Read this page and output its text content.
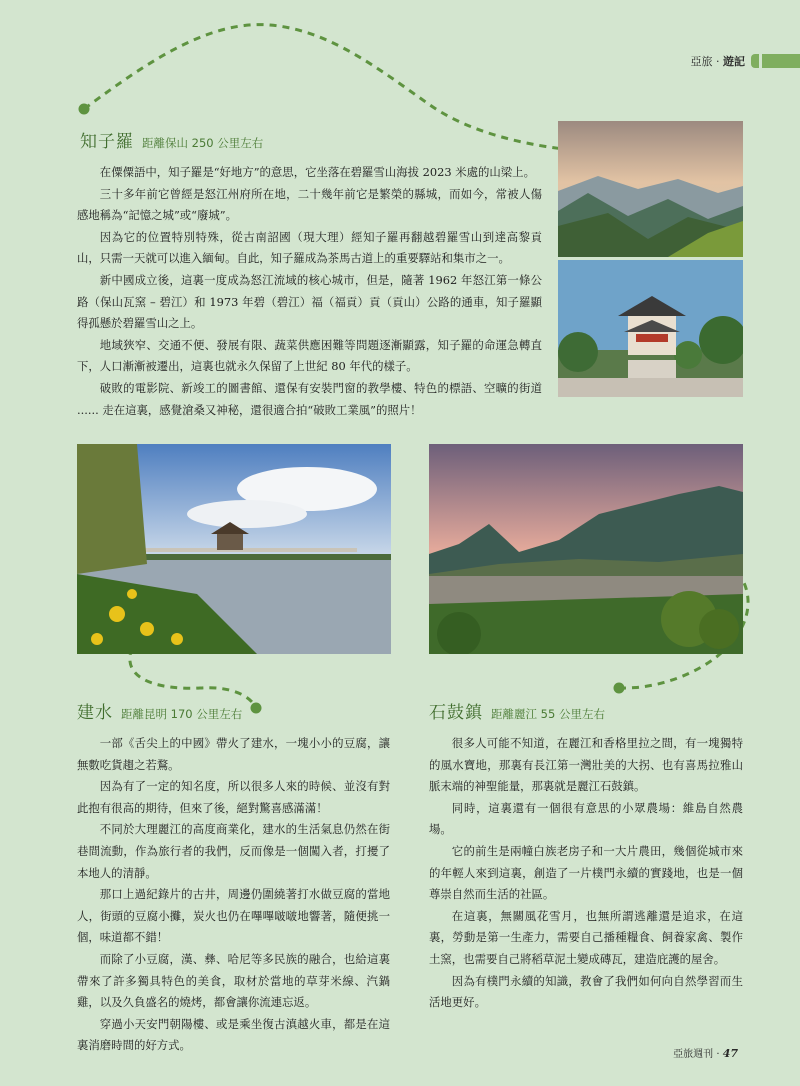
亞旅 · 遊記
知子羅 距離保山 250 公里左右

在僳僳語中，知子羅是“好地方”的意思，它坐落在碧羅雪山海拔 2023 米處的山梁上。

三十多年前它曾經是怒江州府所在地，二十幾年前它是繁榮的縣城，而如今，常被人傷感地稱為“記憶之城”或“廢城”。

因為它的位置特別特殊，從古南詔國（現大理）經知子羅再翻越碧羅雪山到達高黎貢山，只需一天就可以進入緬甸。自此，知子羅成為茶馬古道上的重要驛站和集市之一。

新中國成立後，這裏一度成為怒江流域的核心城市，但是，隨著 1962 年怒江第一條公路（保山瓦窯 – 碧江）和 1973 年碧（碧江）福（福貢）貢（貢山）公路的通車，知子羅顯得孤懸於碧羅雪山之上。

地域狹窄、交通不便、發展有限、蔬菜供應困難等問題逐漸顯露，知子羅的命運急轉直下，人口漸漸被遷出，這裏也就永久保留了上世紀 80 年代的樣子。

破敗的電影院、新竣工的圖書館、還保有安裝門窗的教學樓、特色的標語、空曠的街道 ...... 走在這裏，感覺滄桑又神秘，還很適合拍“破敗工業風”的照片！

建水 距離昆明 170 公里左右

一部《舌尖上的中國》帶火了建水，一塊小小的豆腐，讓無數吃貨趨之若鶩。

因為有了一定的知名度，所以很多人來的時候、並沒有對此抱有很高的期待，但來了後，絕對驚喜感滿滿！

不同於大理麗江的高度商業化，建水的生活氣息仍然在街巷間流動，作為旅行者的我們，反而像是一個闖入者，打擾了本地人的清靜。

那口上過紀錄片的古井，周邊仍圍繞著打水做豆腐的當地人，街頭的豆腐小攤，炭火也仍在嗶嗶啵啵地響著，隨便挑一個，味道都不錯！

而除了小豆腐，漢、彝、哈尼等多民族的融合，也給這裏帶來了許多獨具特色的美食，取材於當地的草芽米線、汽鍋雞，以及久負盛名的燒烤，都會讓你流連忘返。

穿過小天安門朝陽樓、或是乘坐復古滇越火車，都是在這裏消磨時間的好方式。

石鼓鎮 距離麗江 55 公里左右

很多人可能不知道，在麗江和香格里拉之間，有一塊獨特的風水寶地，那裏有長江第一灣壯美的大拐、也有喜馬拉雅山脈末端的神聖能量，那裏就是麗江石鼓鎮。

同時，這裏還有一個很有意思的小眾農場：維島自然農場。

它的前生是兩幢白族老房子和一大片農田，幾個從城市來的年輕人來到這裏，創造了一片樸門永續的實踐地，也是一個尊崇自然而生活的社區。

在這裏，無關風花雪月，也無所謂逃離還是追求，在這裏，勞動是第一生產力，需要自己播種糧食、飼養家禽、製作土窯，也需要自己將稻草泥土變成磚瓦，建造庇護的屋舍。

因為有樸門永續的知識，教會了我們如何向自然學習而生活地更好。

亞旅週刊 · 47
